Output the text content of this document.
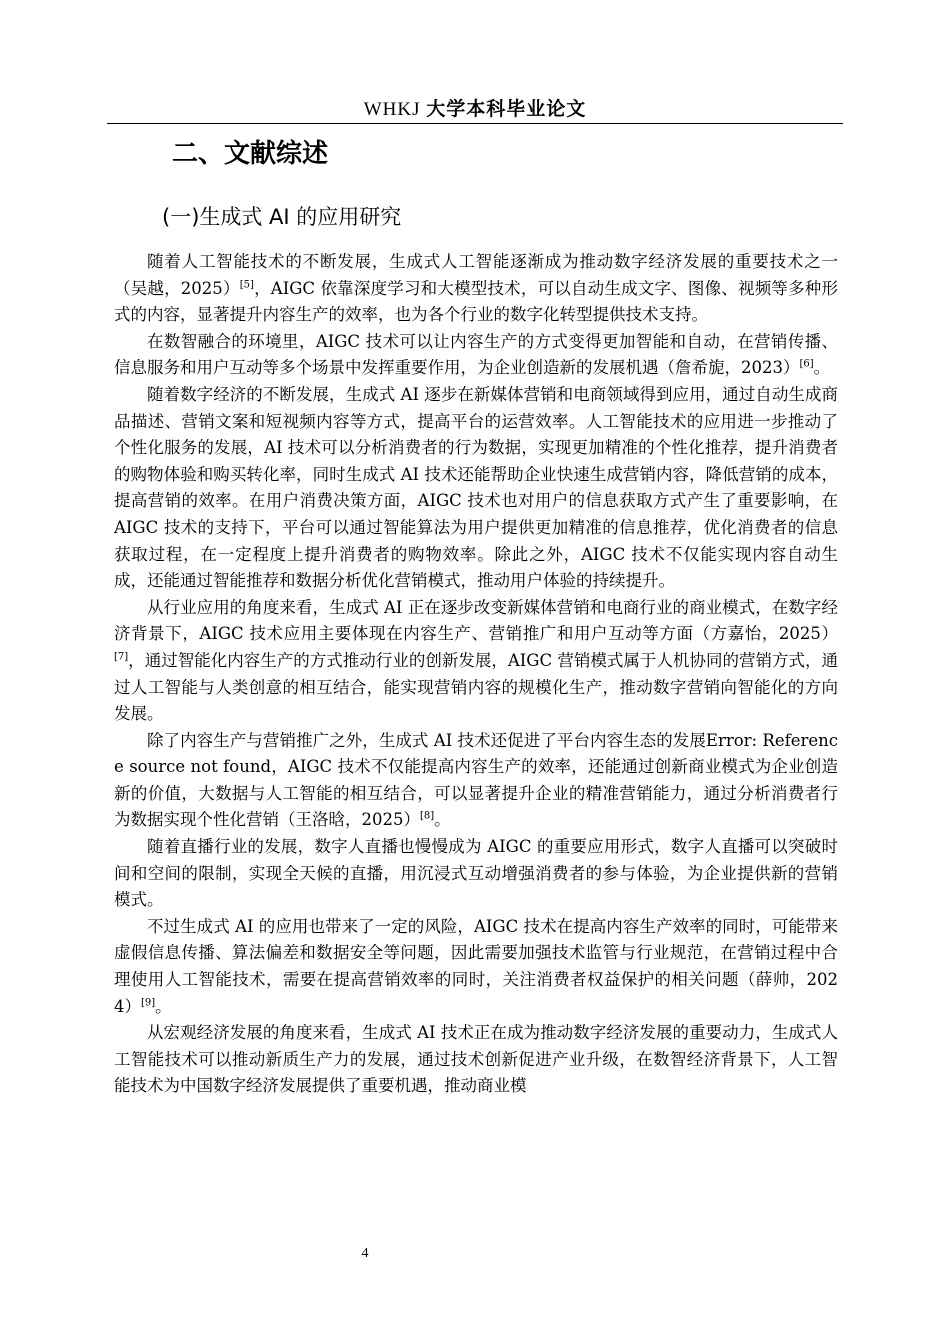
WHKJ 大学本科毕业论文
二、文献综述
(一)生成式 AI 的应用研究

随着人工智能技术的不断发展，生成式人工智能逐渐成为推动数字经济发展的重要技术之一（吴越，2025）[5]，AIGC 依靠深度学习和大模型技术，可以自动生成文字、图像、视频等多种形式的内容，显著提升内容生产的效率，也为各个行业的数字化转型提供技术支持。

在数智融合的环境里，AIGC 技术可以让内容生产的方式变得更加智能和自动，在营销传播、信息服务和用户互动等多个场景中发挥重要作用，为企业创造新的发展机遇（詹希旎，2023）[6]。

随着数字经济的不断发展，生成式 AI 逐步在新媒体营销和电商领域得到应用，通过自动生成商品描述、营销文案和短视频内容等方式，提高平台的运营效率。人工智能技术的应用进一步推动了个性化服务的发展，AI 技术可以分析消费者的行为数据，实现更加精准的个性化推荐，提升消费者的购物体验和购买转化率，同时生成式 AI 技术还能帮助企业快速生成营销内容，降低营销的成本，提高营销的效率。在用户消费决策方面，AIGC 技术也对用户的信息获取方式产生了重要影响，在 AIGC 技术的支持下，平台可以通过智能算法为用户提供更加精准的信息推荐，优化消费者的信息获取过程，在一定程度上提升消费者的购物效率。除此之外，AIGC 技术不仅能实现内容自动生成，还能通过智能推荐和数据分析优化营销模式，推动用户体验的持续提升。

从行业应用的角度来看，生成式 AI 正在逐步改变新媒体营销和电商行业的商业模式，在数字经济背景下，AIGC 技术应用主要体现在内容生产、营销推广和用户互动等方面（方嘉怡，2025）[7]，通过智能化内容生产的方式推动行业的创新发展，AIGC 营销模式属于人机协同的营销方式，通过人工智能与人类创意的相互结合，能实现营销内容的规模化生产，推动数字营销向智能化的方向发展。

除了内容生产与营销推广之外，生成式 AI 技术还促进了平台内容生态的发展Error: Reference source not found，AIGC 技术不仅能提高内容生产的效率，还能通过创新商业模式为企业创造新的价值，大数据与人工智能的相互结合，可以显著提升企业的精准营销能力，通过分析消费者行为数据实现个性化营销（王洛晗，2025）[8]。

随着直播行业的发展，数字人直播也慢慢成为 AIGC 的重要应用形式，数字人直播可以突破时间和空间的限制，实现全天候的直播，用沉浸式互动增强消费者的参与体验，为企业提供新的营销模式。

不过生成式 AI 的应用也带来了一定的风险，AIGC 技术在提高内容生产效率的同时，可能带来虚假信息传播、算法偏差和数据安全等问题，因此需要加强技术监管与行业规范，在营销过程中合理使用人工智能技术，需要在提高营销效率的同时，关注消费者权益保护的相关问题（薛帅，2024）[9]。

从宏观经济发展的角度来看，生成式 AI 技术正在成为推动数字经济发展的重要动力，生成式人工智能技术可以推动新质生产力的发展，通过技术创新促进产业升级，在数智经济背景下，人工智能技术为中国数字经济发展提供了重要机遇，推动商业模

4
